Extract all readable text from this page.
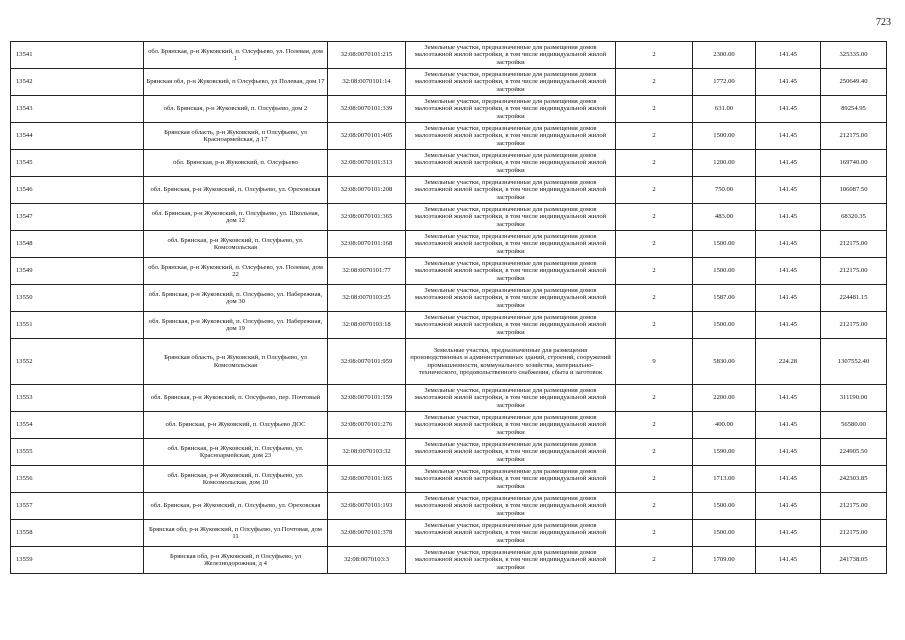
723
13541	обл. Брянская, р-н Жуковский, п. Олсуфьево, ул. Полевая, дом 1	32:08:0070101:215	Земельные участки, предназначенные для размещения домов малоэтажной жилой застройки, в том числе индивидуальной жилой застройки	2	2300.00	141.45	325335.00
13542	Брянская обл, р-н Жуковский, п Олсуфьево, ул Полевая, дом 17	32:08:0070101:14	Земельные участки, предназначенные для размещения домов малоэтажной жилой застройки, в том числе индивидуальной жилой застройки	2	1772.00	141.45	250649.40
13543	обл. Брянская, р-н Жуковский, п. Олсуфьево, дом 2	32:08:0070101:339	Земельные участки, предназначенные для размещения домов малоэтажной жилой застройки, в том числе индивидуальной жилой застройки	2	631.00	141.45	89254.95
13544	Брянская область, р-н Жуковский, п Олсуфьево, ул Красноармейская, д 17	32:08:0070101:405	Земельные участки, предназначенные для размещения домов малоэтажной жилой застройки, в том числе индивидуальной жилой застройки	2	1500.00	141.45	212175.00
13545	обл. Брянская, р-н Жуковский, п. Олсуфьево	32:08:0070101:313	Земельные участки, предназначенные для размещения домов малоэтажной жилой застройки, в том числе индивидуальной жилой застройки	2	1200.00	141.45	169740.00
13546	обл. Брянская, р-н Жуковский, п. Олсуфьево, ул. Ореховская	32:08:0070101:208	Земельные участки, предназначенные для размещения домов малоэтажной жилой застройки, в том числе индивидуальной жилой застройки	2	750.00	141.45	106087.50
13547	обл. Брянская, р-н Жуковский, п. Олсуфьево, ул. Школьная, дом 12	32:08:0070101:365	Земельные участки, предназначенные для размещения домов малоэтажной жилой застройки, в том числе индивидуальной жилой застройки	2	483.00	141.45	68320.35
13548	обл. Брянская, р-н Жуковский, п. Олсуфьево, ул. Комсомольская	32:08:0070101:168	Земельные участки, предназначенные для размещения домов малоэтажной жилой застройки, в том числе индивидуальной жилой застройки	2	1500.00	141.45	212175.00
13549	обл. Брянская, р-н Жуковский, п. Олсуфьево, ул. Полевая, дом 22	32:08:0070101:77	Земельные участки, предназначенные для размещения домов малоэтажной жилой застройки, в том числе индивидуальной жилой застройки	2	1500.00	141.45	212175.00
13550	обл. Брянская, р-н Жуковский, п. Олсуфьево, ул. Набережная, дом 30	32:08:0070103:25	Земельные участки, предназначенные для размещения домов малоэтажной жилой застройки, в том числе индивидуальной жилой застройки	2	1587.00	141.45	224481.15
13551	обл. Брянская, р-н Жуковский, п. Олсуфьево, ул. Набережная, дом 19	32:08:0070103:18	Земельные участки, предназначенные для размещения домов малоэтажной жилой застройки, в том числе индивидуальной жилой застройки	2	1500.00	141.45	212175.00
13552	Брянская область, р-н Жуковский, п Олсуфьево, ул Комсомольская	32:08:0070101:959	Земельные участки, предназначенные для размещения производственных и административных зданий, строений, сооружений промышленности, коммунального хозяйства, материально-технического, продовольственного снабжения, сбыта и заготовок	9	5830.00	224.28	1307552.40
13553	обл. Брянская, р-н Жуковский, п. Олсуфьево, пер. Почтовый	32:08:0070101:159	Земельные участки, предназначенные для размещения домов малоэтажной жилой застройки, в том числе индивидуальной жилой застройки	2	2200.00	141.45	311190.00
13554	обл. Брянская, р-н Жуковский, п. Олсуфьево ДОС	32:08:0070101:276	Земельные участки, предназначенные для размещения домов малоэтажной жилой застройки, в том числе индивидуальной жилой застройки	2	400.00	141.45	56580.00
13555	обл. Брянская, р-н Жуковский, п. Олсуфьево, ул. Красноармейская, дом 23	32:08:0070103:32	Земельные участки, предназначенные для размещения домов малоэтажной жилой застройки, в том числе индивидуальной жилой застройки	2	1590.00	141.45	224905.50
13556	обл. Брянская, р-н Жуковский, п. Олсуфьево, ул. Комсомольская, дом 10	32:08:0070101:165	Земельные участки, предназначенные для размещения домов малоэтажной жилой застройки, в том числе индивидуальной жилой застройки	2	1713.00	141.45	242303.85
13557	обл. Брянская, р-н Жуковский, п. Олсуфьево, ул. Ореховская	32:08:0070101:193	Земельные участки, предназначенные для размещения домов малоэтажной жилой застройки, в том числе индивидуальной жилой застройки	2	1500.00	141.45	212175.00
13558	Брянская обл, р-н Жуковский, п Олсуфьево, ул Почтовая, дом 11	32:08:0070101:378	Земельные участки, предназначенные для размещения домов малоэтажной жилой застройки, в том числе индивидуальной жилой застройки	2	1500.00	141.45	212175.00
13559	Брянская обл, р-н Жуковский, п Олсуфьево, ул Железнодорожная, д 4	32:08:0070103:3	Земельные участки, предназначенные для размещения домов малоэтажной жилой застройки, в том числе индивидуальной жилой застройки	2	1709.00	141.45	241738.05
